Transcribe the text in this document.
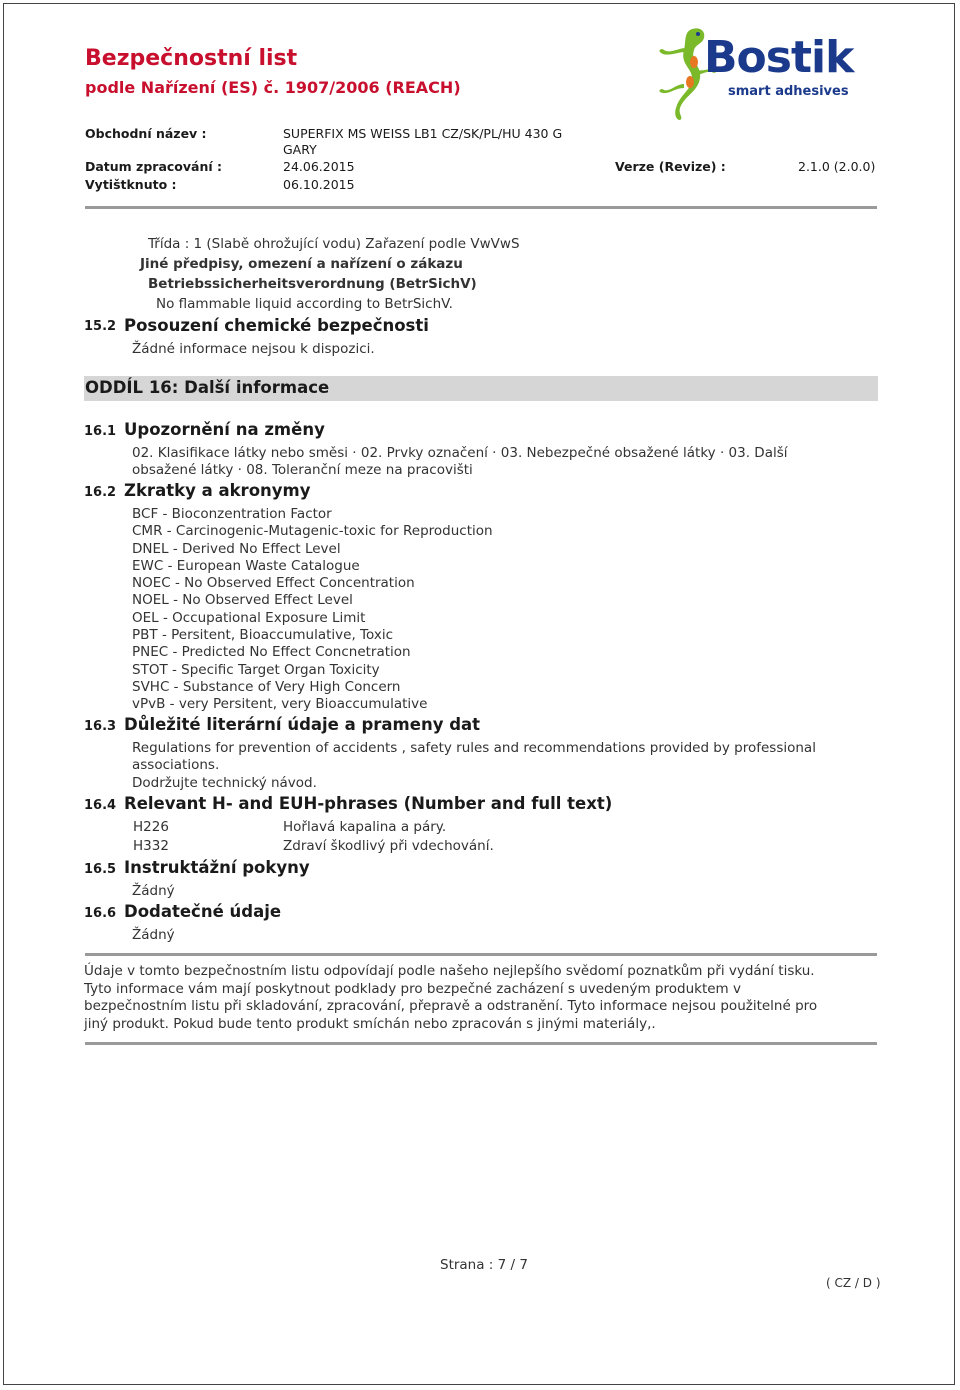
Bezpečnostní list
podle Nařízení (ES) č. 1907/2006 (REACH)
Bostik
smart adhesives
Obchodní název :	SUPERFIX MS WEISS LB1 CZ/SK/PL/HU 430 G
GARY
Datum zpracování :	24.06.2015	Verze (Revize) :	2.1.0 (2.0.0)
Vytištknuto :	06.10.2015
Třída : 1 (Slabě ohrožující vodu) Zařazení podle VwVwS
Jiné předpisy, omezení a nařízení o zákazu
Betriebssicherheitsverordnung (BetrSichV)
No flammable liquid according to BetrSichV.
15.2 Posouzení chemické bezpečnosti
Žádné informace nejsou k dispozici.
ODDÍL 16: Další informace
16.1 Upozornění na změny
02. Klasifikace látky nebo směsi · 02. Prvky označení · 03. Nebezpečné obsažené látky · 03. Další
obsažené látky · 08. Toleranční meze na pracovišti
16.2 Zkratky a akronymy
BCF - Bioconzentration Factor
CMR - Carcinogenic-Mutagenic-toxic for Reproduction
DNEL - Derived No Effect Level
EWC - European Waste Catalogue
NOEC - No Observed Effect Concentration
NOEL - No Observed Effect Level
OEL - Occupational Exposure Limit
PBT - Persitent, Bioaccumulative, Toxic
PNEC - Predicted No Effect Concnetration
STOT - Specific Target Organ Toxicity
SVHC - Substance of Very High Concern
vPvB - very Persitent, very Bioaccumulative
16.3 Důležité literární údaje a prameny dat
Regulations for prevention of accidents , safety rules and recommendations provided by professional
associations.
Dodržujte technický návod.
16.4 Relevant H- and EUH-phrases (Number and full text)
H226	Hořlavá kapalina a páry.
H332	Zdraví škodlivý při vdechování.
16.5 Instruktážní pokyny
Žádný
16.6 Dodatečné údaje
Žádný
Údaje v tomto bezpečnostním listu odpovídají podle našeho nejlepšího svědomí poznatkům při vydání tisku.
Tyto informace vám mají poskytnout podklady pro bezpečné zacházení s uvedeným produktem v
bezpečnostním listu při skladování, zpracování, přepravě a odstranění. Tyto informace nejsou použitelné pro
jiný produkt. Pokud bude tento produkt smíchán nebo zpracován s jinými materiály,.
Strana : 7 / 7
( CZ / D )
